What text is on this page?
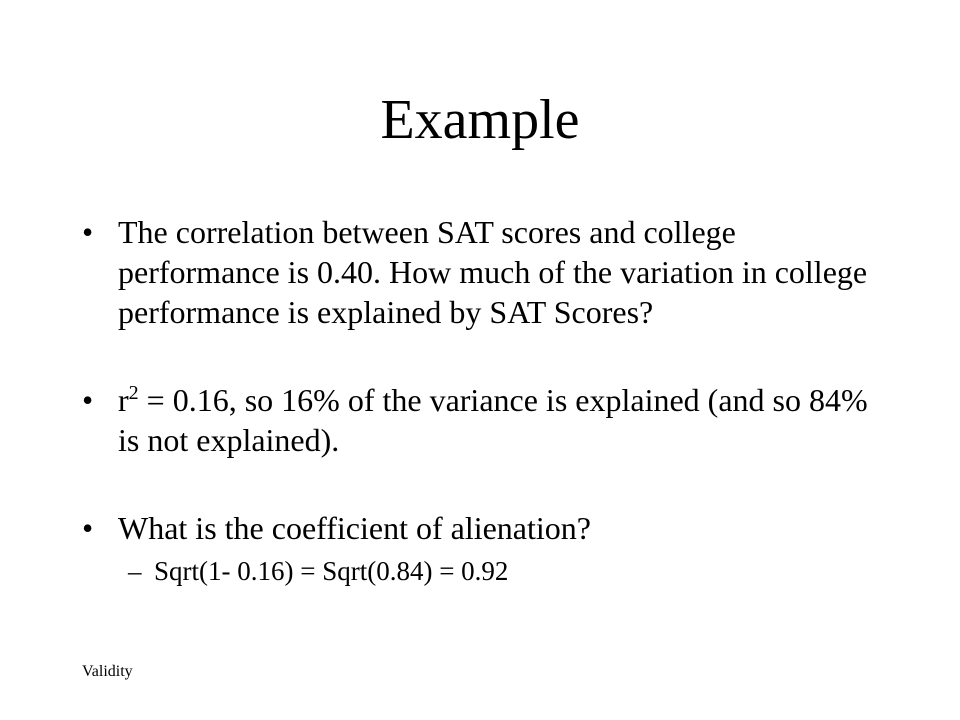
Example
• The correlation between SAT scores and college performance is 0.40. How much of the variation in college performance is explained by SAT Scores?
• $r^2 = 0.16$, so 16% of the variance is explained (and so 84% is not explained).
• What is the coefficient of alienation?
– Sqrt(1- 0.16) = Sqrt(0.84) = 0.92
Validity
